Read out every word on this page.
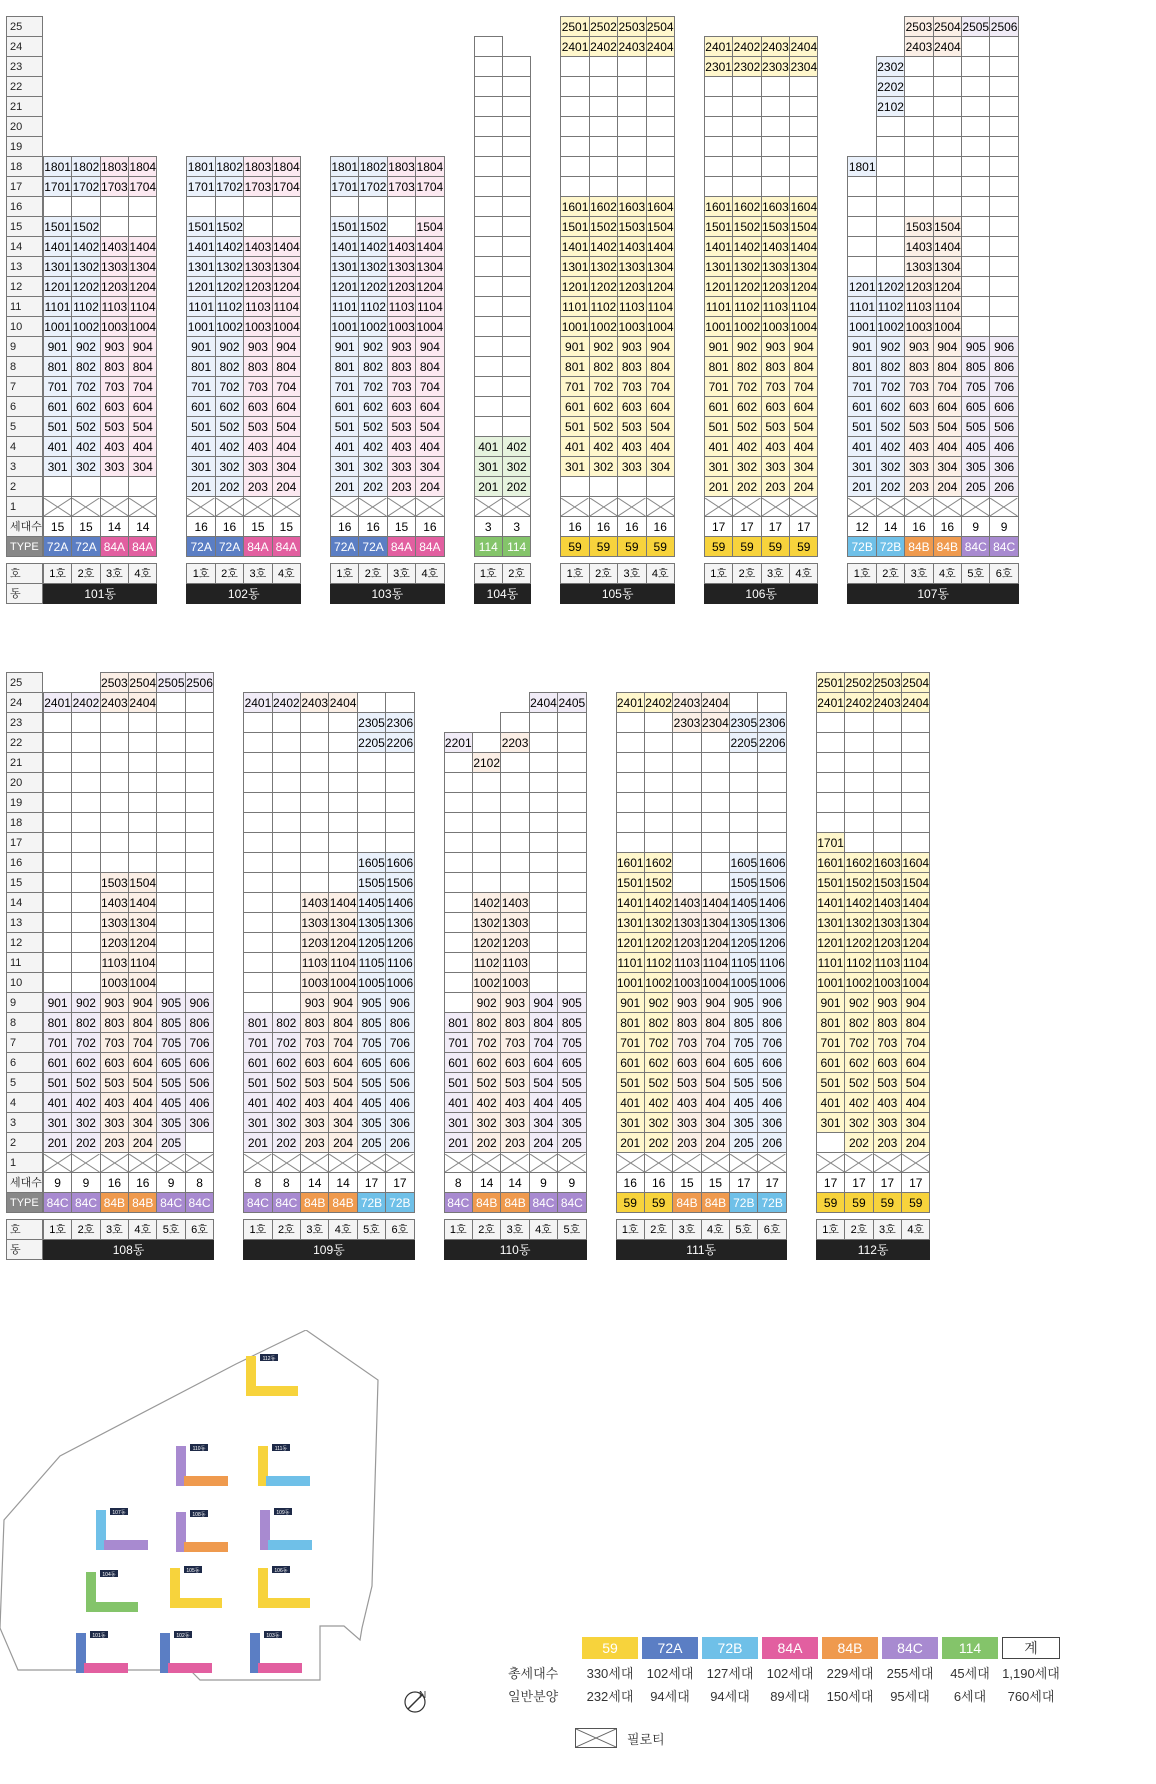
25																				2501	2502	2503	2504									2503	2504	2505	2506
24																				2401	2402	2403	2404		2401	2402	2403	2404				2403	2404		
23																									2301	2302	2303	2304			2302				
22																															2202				
21																															2102				
20																																			
19																																			
18		1801	1802	1803	1804		1801	1802	1803	1804		1801	1802	1803	1804															1801					
17		1701	1702	1703	1704		1701	1702	1703	1704		1701	1702	1703	1704																				
16																				1601	1602	1603	1604		1601	1602	1603	1604							
15		1501	1502				1501	1502				1501	1502		1504					1501	1502	1503	1504		1501	1502	1503	1504				1503	1504		
14		1401	1402	1403	1404		1401	1402	1403	1404		1401	1402	1403	1404					1401	1402	1403	1404		1401	1402	1403	1404				1403	1404		
13		1301	1302	1303	1304		1301	1302	1303	1304		1301	1302	1303	1304					1301	1302	1303	1304		1301	1302	1303	1304				1303	1304		
12		1201	1202	1203	1204		1201	1202	1203	1204		1201	1202	1203	1204					1201	1202	1203	1204		1201	1202	1203	1204		1201	1202	1203	1204		
11		1101	1102	1103	1104		1101	1102	1103	1104		1101	1102	1103	1104					1101	1102	1103	1104		1101	1102	1103	1104		1101	1102	1103	1104		
10		1001	1002	1003	1004		1001	1002	1003	1004		1001	1002	1003	1004					1001	1002	1003	1004		1001	1002	1003	1004		1001	1002	1003	1004		
9		901	902	903	904		901	902	903	904		901	902	903	904					901	902	903	904		901	902	903	904		901	902	903	904	905	906
8		801	802	803	804		801	802	803	804		801	802	803	804					801	802	803	804		801	802	803	804		801	802	803	804	805	806
7		701	702	703	704		701	702	703	704		701	702	703	704					701	702	703	704		701	702	703	704		701	702	703	704	705	706
6		601	602	603	604		601	602	603	604		601	602	603	604					601	602	603	604		601	602	603	604		601	602	603	604	605	606
5		501	502	503	504		501	502	503	504		501	502	503	504					501	502	503	504		501	502	503	504		501	502	503	504	505	506
4		401	402	403	404		401	402	403	404		401	402	403	404		401	402		401	402	403	404		401	402	403	404		401	402	403	404	405	406
3		301	302	303	304		301	302	303	304		301	302	303	304		301	302		301	302	303	304		301	302	303	304		301	302	303	304	305	306
2							201	202	203	204		201	202	203	204		201	202							201	202	203	204		201	202	203	204	205	206
1		

세대수		15	15	14	14		16	16	15	15		16	16	15	16		3	3		16	16	16	16		17	17	17	17		12	14	16	16	9	9
TYPE		72A	72A	84A	84A		72A	72A	84A	84A		72A	72A	84A	84A		114	114		59	59	59	59		59	59	59	59		72B	72B	84B	84B	84C	84C

호		1호	2호	3호	4호		1호	2호	3호	4호		1호	2호	3호	4호		1호	2호		1호	2호	3호	4호		1호	2호	3호	4호		1호	2호	3호	4호	5호	6호
동		101동					102동					103동					104동			105동					106동					107동					
25				2503	2504	2505	2506																						2501	2502	2503	2504
24		2401	2402	2403	2404				2401	2402	2403	2404							2404	2405		2401	2402	2403	2404				2401	2402	2403	2404
23													2305	2306										2303	2304	2305	2306					
22													2205	2206		2201		2203								2205	2206					
21																	2102															
20																																
19																																
18																																
17																													1701			
16													1605	1606								1601	1602			1605	1606		1601	1602	1603	1604
15				1503	1504								1505	1506								1501	1502			1505	1506		1501	1502	1503	1504
14				1403	1404						1403	1404	1405	1406			1402	1403				1401	1402	1403	1404	1405	1406		1401	1402	1403	1404
13				1303	1304						1303	1304	1305	1306			1302	1303				1301	1302	1303	1304	1305	1306		1301	1302	1303	1304
12				1203	1204						1203	1204	1205	1206			1202	1203				1201	1202	1203	1204	1205	1206		1201	1202	1203	1204
11				1103	1104						1103	1104	1105	1106			1102	1103				1101	1102	1103	1104	1105	1106		1101	1102	1103	1104
10				1003	1004						1003	1004	1005	1006			1002	1003				1001	1002	1003	1004	1005	1006		1001	1002	1003	1004
9		901	902	903	904	905	906				903	904	905	906			902	903	904	905		901	902	903	904	905	906		901	902	903	904
8		801	802	803	804	805	806		801	802	803	804	805	806		801	802	803	804	805		801	802	803	804	805	806		801	802	803	804
7		701	702	703	704	705	706		701	702	703	704	705	706		701	702	703	704	705		701	702	703	704	705	706		701	702	703	704
6		601	602	603	604	605	606		601	602	603	604	605	606		601	602	603	604	605		601	602	603	604	605	606		601	602	603	604
5		501	502	503	504	505	506		501	502	503	504	505	506		501	502	503	504	505		501	502	503	504	505	506		501	502	503	504
4		401	402	403	404	405	406		401	402	403	404	405	406		401	402	403	404	405		401	402	403	404	405	406		401	402	403	404
3		301	302	303	304	305	306		301	302	303	304	305	306		301	302	303	304	305		301	302	303	304	305	306		301	302	303	304
2		201	202	203	204	205			201	202	203	204	205	206		201	202	203	204	205		201	202	203	204	205	206			202	203	204
1		

세대수		9	9	16	16	9	8		8	8	14	14	17	17		8	14	14	9	9		16	16	15	15	17	17		17	17	17	17
TYPE		84C	84C	84B	84B	84C	84C		84C	84C	84B	84B	72B	72B		84C	84B	84B	84C	84C		59	59	84B	84B	72B	72B		59	59	59	59

호		1호	2호	3호	4호	5호	6호		1호	2호	3호	4호	5호	6호		1호	2호	3호	4호	5호		1호	2호	3호	4호	5호	6호		1호	2호	3호	4호
동		108동							109동							110동						111동							112동			
101동	102동	103동
104동
105동	106동
107동	108동	109동
110동	111동
112동
N
	59	72A	72B	84A	84B	84C	114	계
총세대수	330세대	102세대	127세대	102세대	229세대	255세대	45세대	1,190세대
일반분양	232세대	94세대	94세대	89세대	150세대	95세대	6세대	760세대
필로티
